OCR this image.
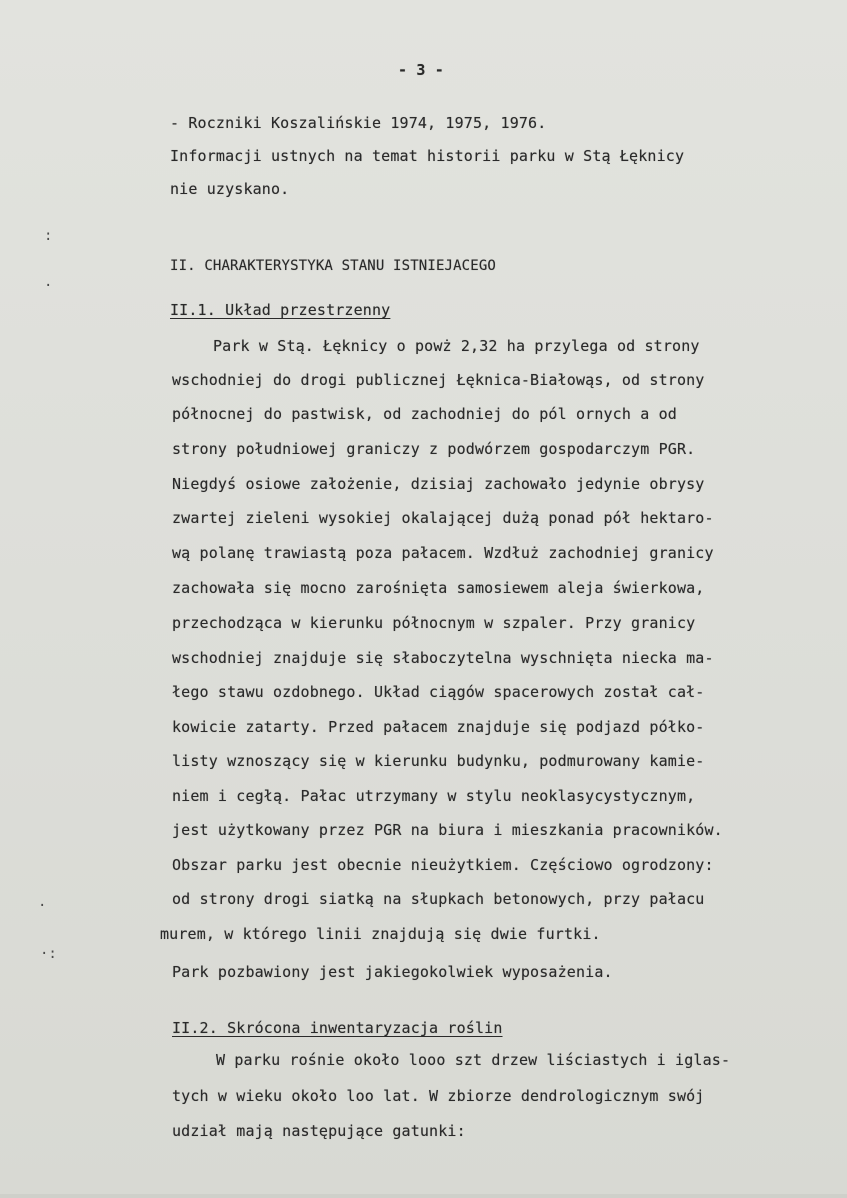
- 3 -
- Roczniki Koszalińskie 1974, 1975, 1976.
Informacji ustnych na temat historii parku w Stą Łęknicy
nie uzyskano.
II. CHARAKTERYSTYKA STANU ISTNIEJACEGO
II.1. Układ przestrzenny
Park w Stą. Łęknicy o powż 2,32 ha przylega od strony
wschodniej do drogi publicznej Łęknica-Białowąs, od strony
północnej do pastwisk, od zachodniej do pól ornych a od
strony południowej graniczy z podwórzem gospodarczym PGR.
Niegdyś osiowe założenie, dzisiaj zachowało jedynie obrysy
zwartej zieleni wysokiej okalającej dużą ponad pół hektaro-
wą polanę trawiastą poza pałacem. Wzdłuż zachodniej granicy
zachowała się mocno zarośnięta samosiewem aleja świerkowa,
przechodząca w kierunku północnym w szpaler. Przy granicy
wschodniej znajduje się słaboczytelna wyschnięta niecka ma-
łego stawu ozdobnego. Układ ciągów spacerowych został cał-
kowicie zatarty. Przed pałacem znajduje się podjazd półko-
listy wznoszący się w kierunku budynku, podmurowany kamie-
niem i cegłą. Pałac utrzymany w stylu neoklasycystycznym,
jest użytkowany przez PGR na biura i mieszkania pracowników.
Obszar parku jest obecnie nieużytkiem. Częściowo ogrodzony:
od strony drogi siatką na słupkach betonowych, przy pałacu
murem, w którego linii znajdują się dwie furtki.
Park pozbawiony jest jakiegokolwiek wyposażenia.
II.2. Skrócona inwentaryzacja roślin
W parku rośnie około looo szt drzew liściastych i iglas-
tych w wieku około loo lat. W zbiorze dendrologicznym swój
udział mają następujące gatunki:
:
·
·
·:
